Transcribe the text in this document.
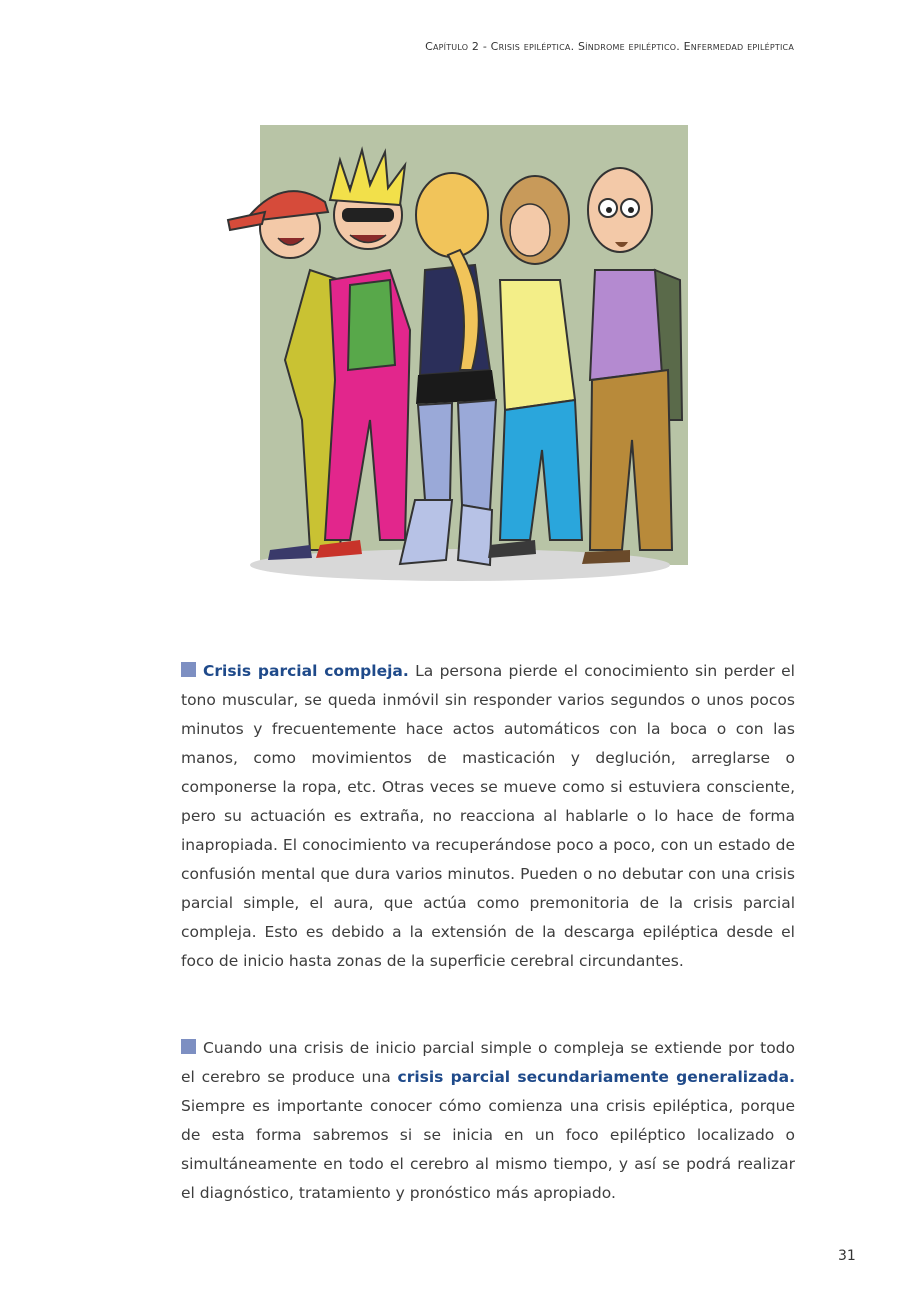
Capítulo 2 - Crisis epiléptica. Síndrome epiléptico. Enfermedad epiléptica

Crisis parcial compleja. La persona pierde el conocimiento sin perder el tono muscular, se queda inmóvil sin responder varios segundos o unos pocos minutos y frecuentemente hace actos automáticos con la boca o con las manos, como movimientos de masticación y deglución, arreglarse o componerse la ropa, etc. Otras veces se mueve como si estuviera consciente, pero su actuación es extraña, no reacciona al hablarle o lo hace de forma inapropiada. El conocimiento va recuperándose poco a poco, con un estado de confusión mental que dura varios minutos. Pueden o no debutar con una crisis parcial simple, el aura, que actúa como premonitoria de la crisis parcial compleja. Esto es debido a la extensión de la descarga epiléptica desde el foco de inicio hasta zonas de la superficie cerebral circundantes.

Cuando una crisis de inicio parcial simple o compleja se extiende por todo el cerebro se produce una crisis parcial secundariamente generalizada. Siempre es importante conocer cómo comienza una crisis epiléptica, porque de esta forma sabremos si se inicia en un foco epiléptico localizado o simultáneamente en todo el cerebro al mismo tiempo, y así se podrá realizar el diagnóstico, tratamiento y pronóstico más apropiado.

31
